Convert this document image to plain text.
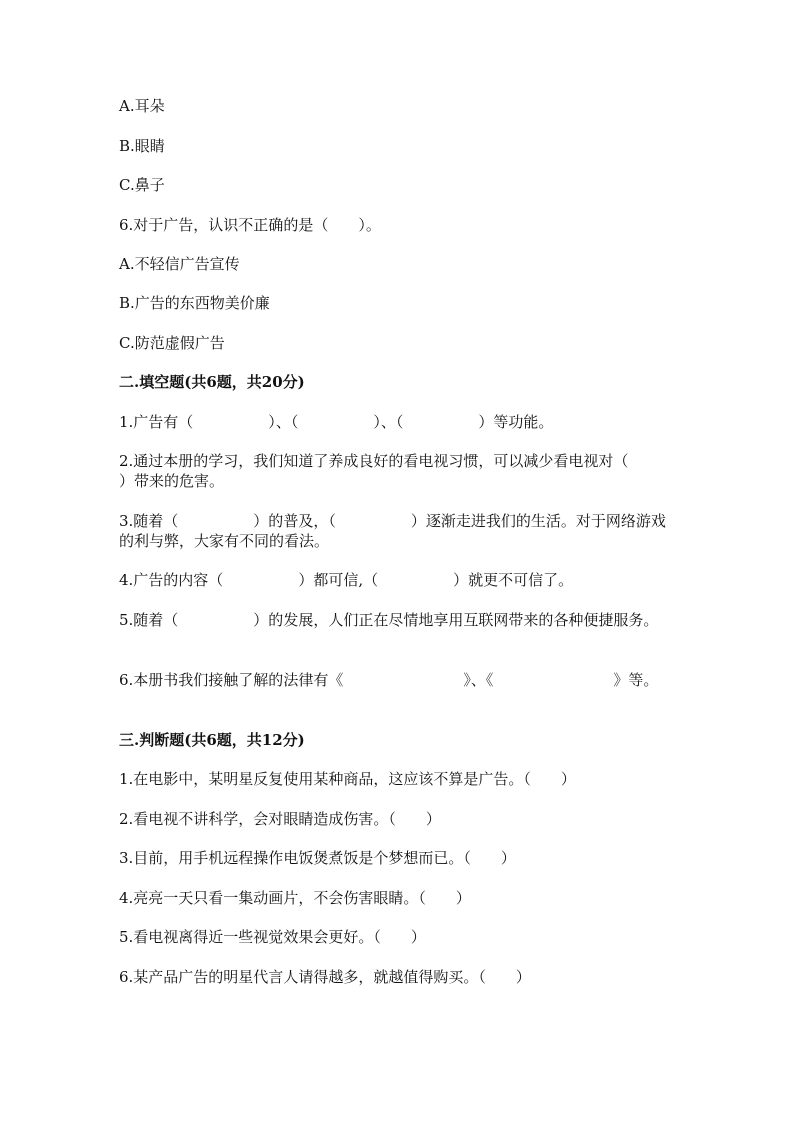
A.耳朵
B.眼睛
C.鼻子
6.对于广告，认识不正确的是（　　）。
A.不轻信广告宣传
B.广告的东西物美价廉
C.防范虚假广告
二.填空题(共6题，共20分)
1.广告有（　　　　　）、（　　　　　）、（　　　　　）等功能。
2.通过本册的学习，我们知道了养成良好的看电视习惯，可以减少看电视对（　　　　　）带来的危害。
3.随着（　　　　　）的普及，（　　　　　）逐渐走进我们的生活。对于网络游戏的利与弊，大家有不同的看法。
4.广告的内容（　　　　　）都可信,（　　　　　）就更不可信了。
5.随着（　　　　　）的发展，人们正在尽情地享用互联网带来的各种便捷服务。
6.本册书我们接触了解的法律有《　　　　　　　　》、《　　　　　　　　》等。
三.判断题(共6题，共12分)
1.在电影中，某明星反复使用某种商品，这应该不算是广告。（　　）
2.看电视不讲科学，会对眼睛造成伤害。（　　）
3.目前，用手机远程操作电饭煲煮饭是个梦想而已。（　　）
4.亮亮一天只看一集动画片，不会伤害眼睛。（　　）
5.看电视离得近一些视觉效果会更好。（　　）
6.某产品广告的明星代言人请得越多，就越值得购买。（　　）
